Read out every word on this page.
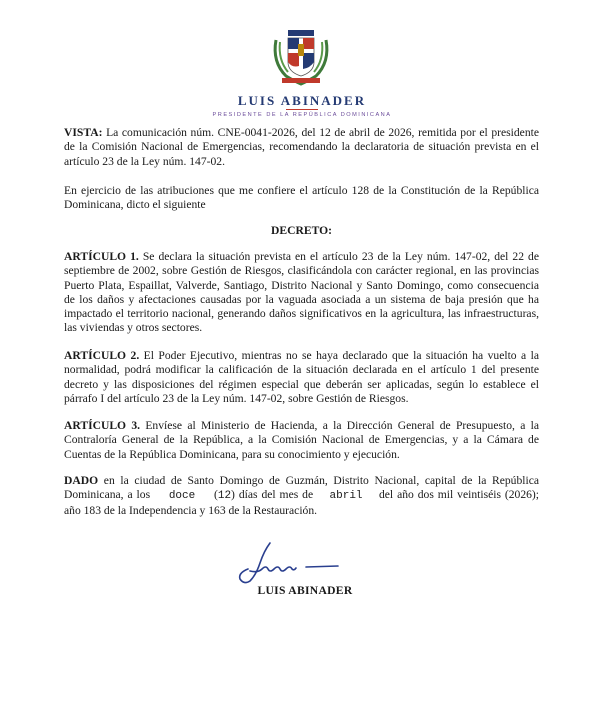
LUIS ABINADER
PRESIDENTE DE LA REPÚBLICA DOMINICANA
VISTA: La comunicación núm. CNE-0041-2026, del 12 de abril de 2026, remitida por el presidente de la Comisión Nacional de Emergencias, recomendando la declaratoria de situación prevista en el artículo 23 de la Ley núm. 147-02.
En ejercicio de las atribuciones que me confiere el artículo 128 de la Constitución de la República Dominicana, dicto el siguiente
DECRETO:
ARTÍCULO 1. Se declara la situación prevista en el artículo 23 de la Ley núm. 147-02, del 22 de septiembre de 2002, sobre Gestión de Riesgos, clasificándola con carácter regional, en las provincias Puerto Plata, Espaillat, Valverde, Santiago, Distrito Nacional y Santo Domingo, como consecuencia de los daños y afectaciones causadas por la vaguada asociada a un sistema de baja presión que ha impactado el territorio nacional, generando daños significativos en la agricultura, las infraestructuras, las viviendas y otros sectores.
ARTÍCULO 2. El Poder Ejecutivo, mientras no se haya declarado que la situación ha vuelto a la normalidad, podrá modificar la calificación de la situación declarada en el artículo 1 del presente decreto y las disposiciones del régimen especial que deberán ser aplicadas, según lo establece el párrafo I del artículo 23 de la Ley núm. 147-02, sobre Gestión de Riesgos.
ARTÍCULO 3. Envíese al Ministerio de Hacienda, a la Dirección General de Presupuesto, a la Contraloría General de la República, a la Comisión Nacional de Emergencias, y a la Cámara de Cuentas de la República Dominicana, para su conocimiento y ejecución.
DADO en la ciudad de Santo Domingo de Guzmán, Distrito Nacional, capital de la República Dominicana, a los doce (12) días del mes de abril del año dos mil veintiséis (2026); año 183 de la Independencia y 163 de la Restauración.
LUIS ABINADER
